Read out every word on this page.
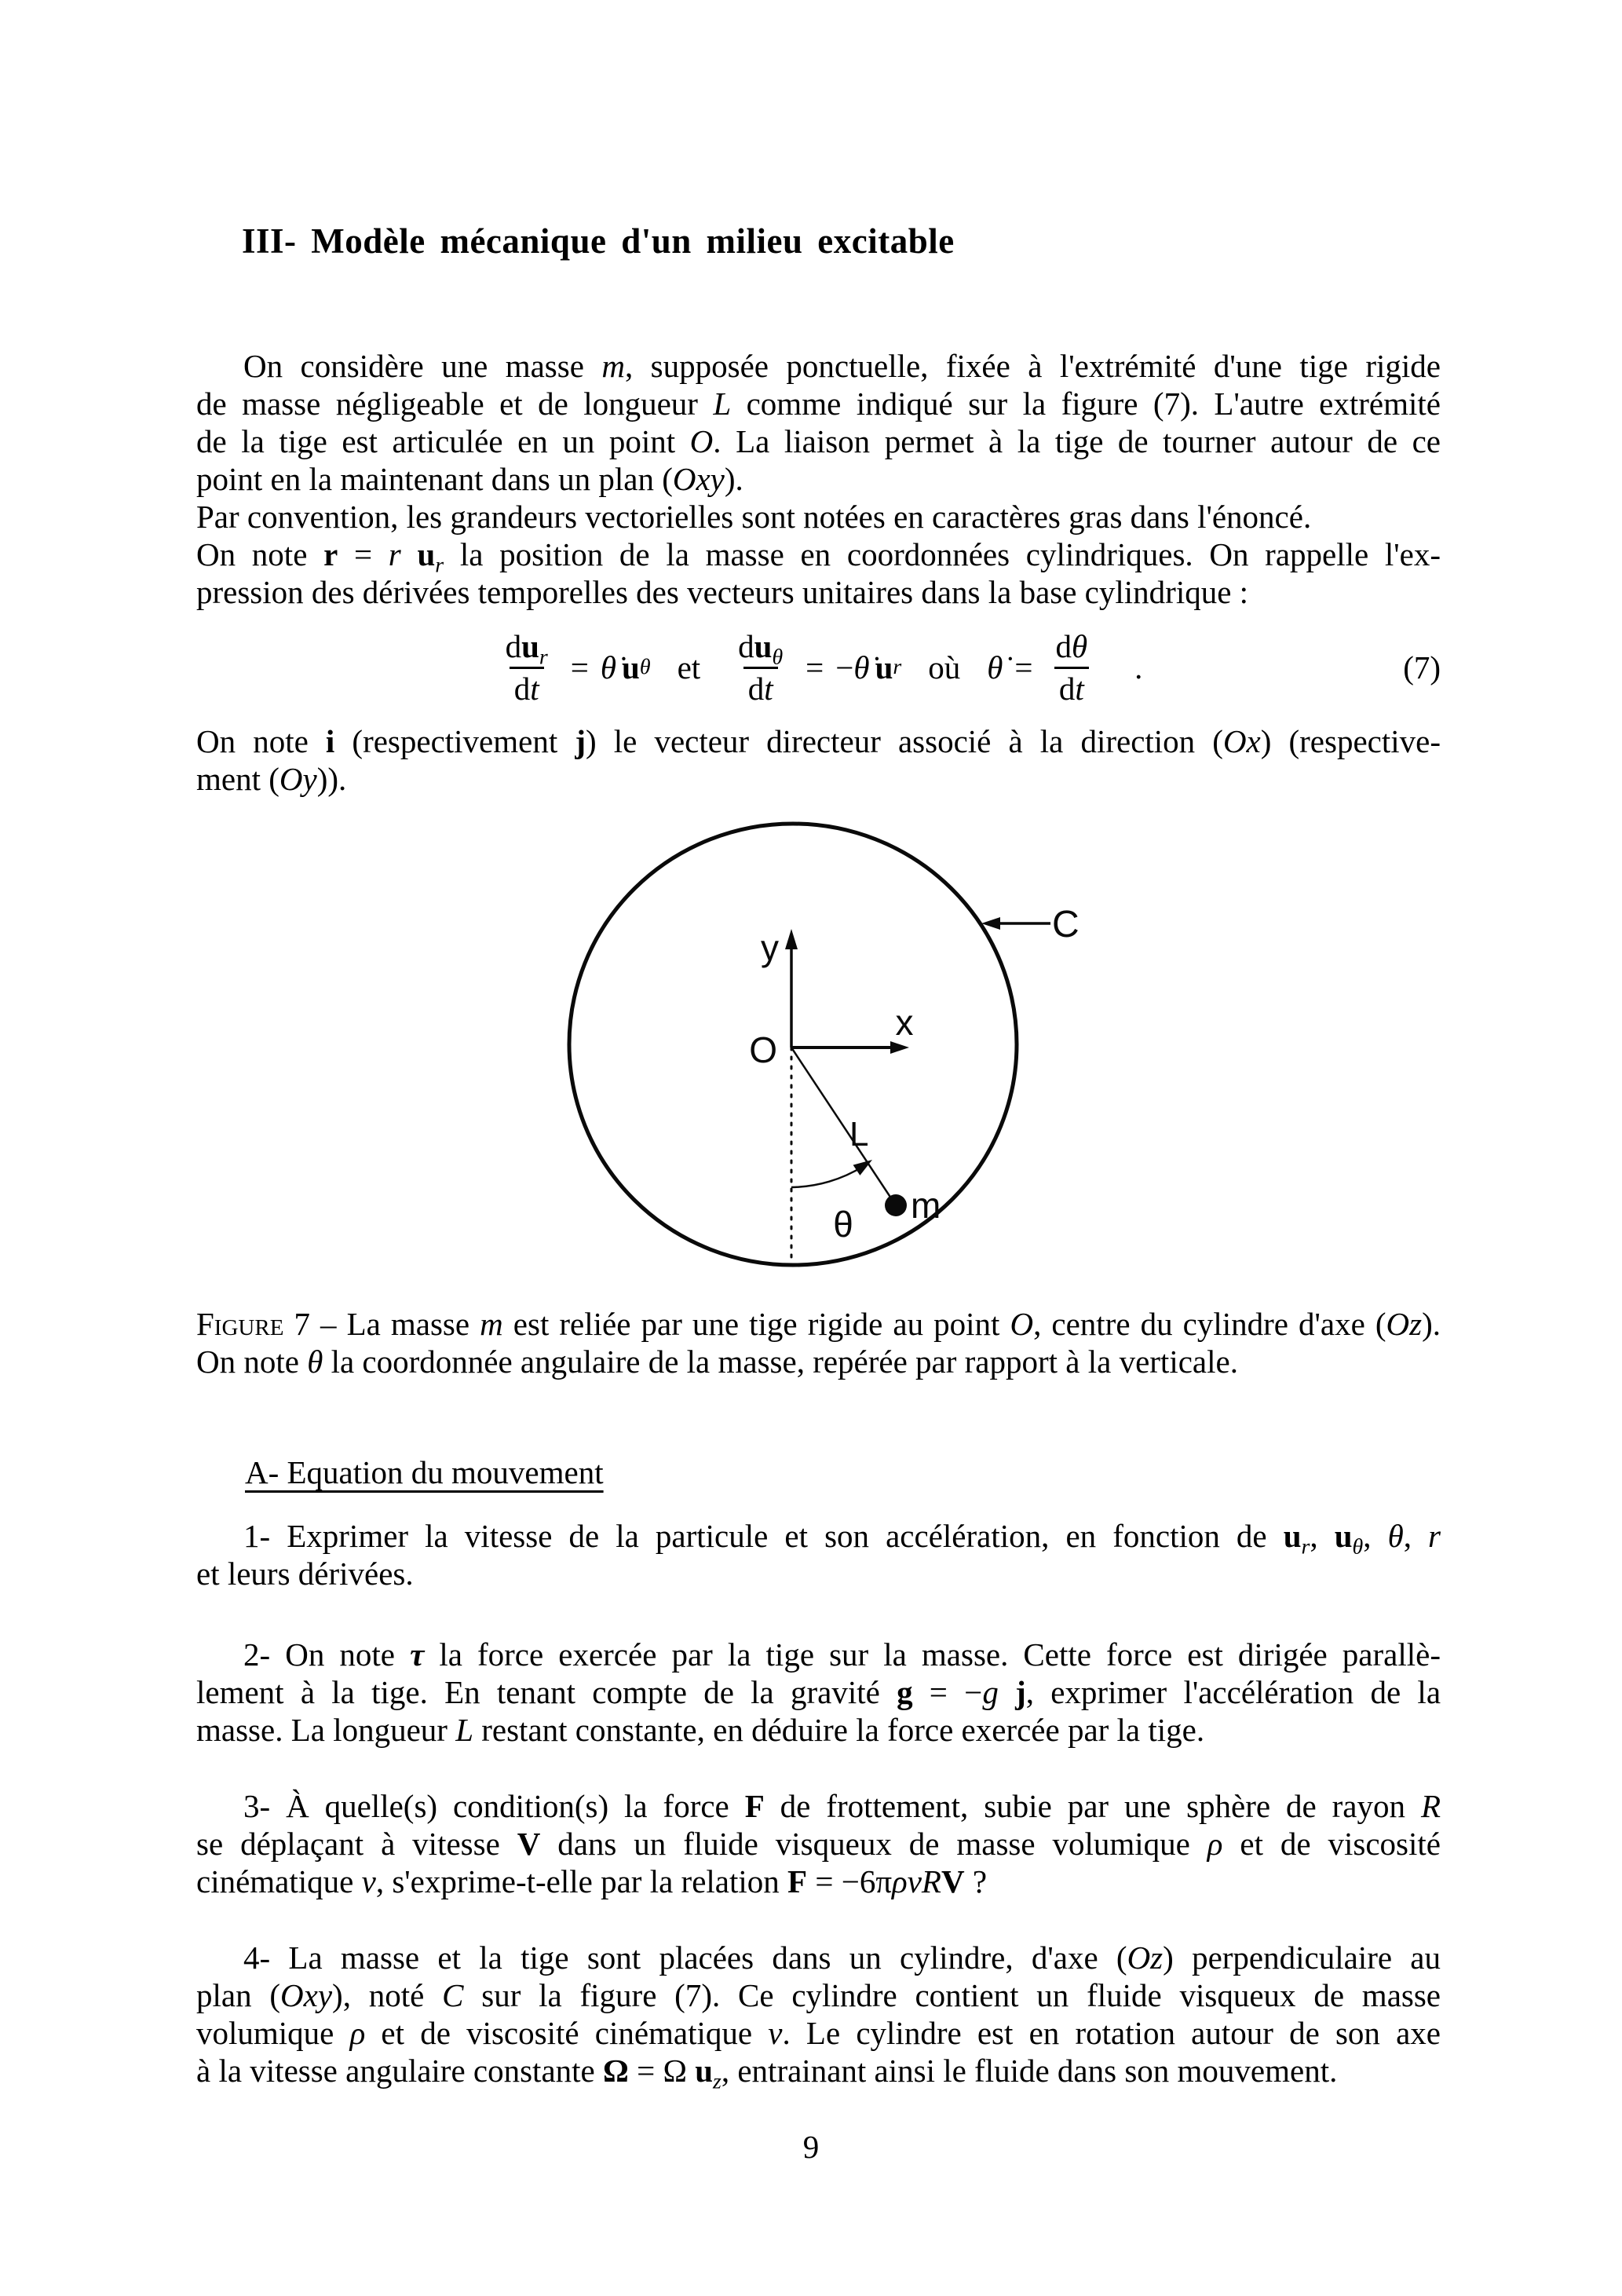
III- Modèle mécanique d'un milieu excitable
On considère une masse m, supposée ponctuelle, fixée à l'extrémité d'une tige rigide
de masse négligeable et de longueur L comme indiqué sur la figure (7). L'autre extrémité
de la tige est articulée en un point O. La liaison permet à la tige de tourner autour de ce
point en la maintenant dans un plan (Oxy).
Par convention, les grandeurs vectorielles sont notées en caractères gras dans l'énoncé.
On note r = r $u_r$ la position de la masse en coordonnées cylindriques. On rappelle l'ex-
pression des dérivées temporelles des vecteurs unitaires dans la base cylindrique :
$\frac{du_r}{dt}$ = θ̇ u θ et $\frac{du_\theta}{dt}$ = − θ̇ u r où θ̇ = $\frac{d\theta}{dt}$ .	(7)
On note i (respectivement j) le vecteur directeur associé à la direction (Ox) (respective-
ment (Oy)).
y
x
O
L
θ m
C
Figure 7 – La masse m est reliée par une tige rigide au point O, centre du cylindre d'axe (Oz).
On note θ la coordonnée angulaire de la masse, repérée par rapport à la verticale.
A- Equation du mouvement
1- Exprimer la vitesse de la particule et son accélération, en fonction de $u_r$, $u_\theta$, θ, r
et leurs dérivées.
2- On note τ la force exercée par la tige sur la masse. Cette force est dirigée parallè-
lement à la tige. En tenant compte de la gravité g = −g j, exprimer l'accélération de la
masse. La longueur L restant constante, en déduire la force exercée par la tige.
3- À quelle(s) condition(s) la force F de frottement, subie par une sphère de rayon R
se déplaçant à vitesse V dans un fluide visqueux de masse volumique ρ et de viscosité
cinématique ν, s'exprime-t-elle par la relation F = −6πρνRV ?
4- La masse et la tige sont placées dans un cylindre, d'axe (Oz) perpendiculaire au
plan (Oxy), noté C sur la figure (7). Ce cylindre contient un fluide visqueux de masse
volumique ρ et de viscosité cinématique ν. Le cylindre est en rotation autour de son axe
à la vitesse angulaire constante Ω = Ω $u_z$, entrainant ainsi le fluide dans son mouvement.
9
